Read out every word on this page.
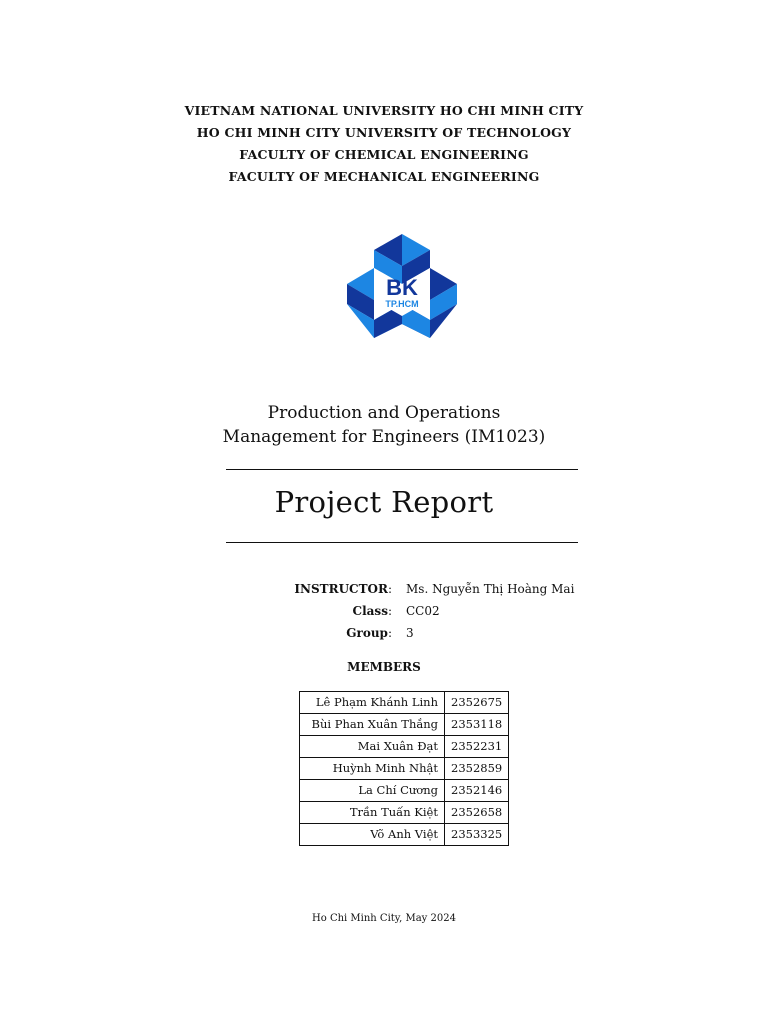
VIETNAM NATIONAL UNIVERSITY HO CHI MINH CITY
HO CHI MINH CITY UNIVERSITY OF TECHNOLOGY
FACULTY OF CHEMICAL ENGINEERING
FACULTY OF MECHANICAL ENGINEERING
BK
TP.HCM
Production and Operations
Management for Engineers (IM1023)
Project Report
INSTRUCTOR: Ms. Nguyễn Thị Hoàng Mai
Class: CC02
Group: 3
MEMBERS
Lê Phạm Khánh Linh	2352675
Bùi Phan Xuân Thắng	2353118
Mai Xuân Đạt	2352231
Huỳnh Minh Nhật	2352859
La Chí Cương	2352146
Trần Tuấn Kiệt	2352658
Võ Anh Việt	2353325
Ho Chi Minh City, May 2024
